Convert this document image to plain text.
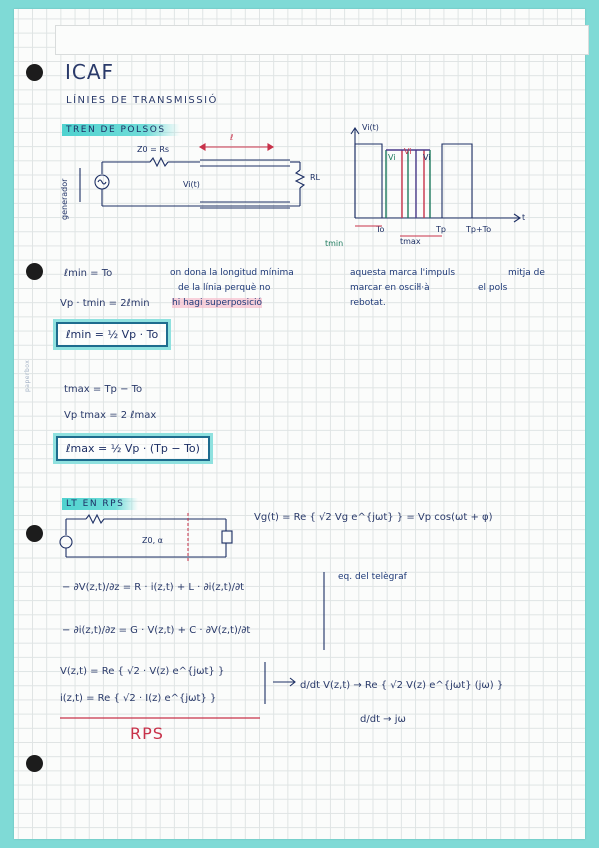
paperbox
ICAF
LÍNIES DE TRANSMISSIÓ
TREN DE POLSOS
ℓ
Z0 = Rs
Vi(t)
RL
generador
Vi(t)
Vi
Vi
Vi
tmin
To
tmax
Tp	Tp+To
t
ℓmin = To	on dona la longitud mínima
de la línia perquè no
hi hagi superposició
aquesta marca l'impuls	mitja de
marcar en osciŀl·à	el pols
rebotat.
Vp · tmin = 2ℓmin
ℓmin = ½ Vp · To
tmax = Tp − To
Vp tmax = 2 ℓmax
ℓmax = ½ Vp · (Tp − To)
LT EN RPS
Z0, α
Vg(t) = Re { √2 Vg e^{jωt} } = Vp cos(ωt + φ)
− ∂V(z,t)/∂z = R · i(z,t) + L · ∂i(z,t)/∂t
− ∂i(z,t)/∂z = G · V(z,t) + C · ∂V(z,t)/∂t
eq. del telègraf
V(z,t) = Re { √2 · V(z) e^{jωt} }
i(z,t) = Re { √2 · I(z) e^{jωt} }
d/dt V(z,t) → Re { √2 V(z) e^{jωt} (jω) }
d/dt → jω
RPS
